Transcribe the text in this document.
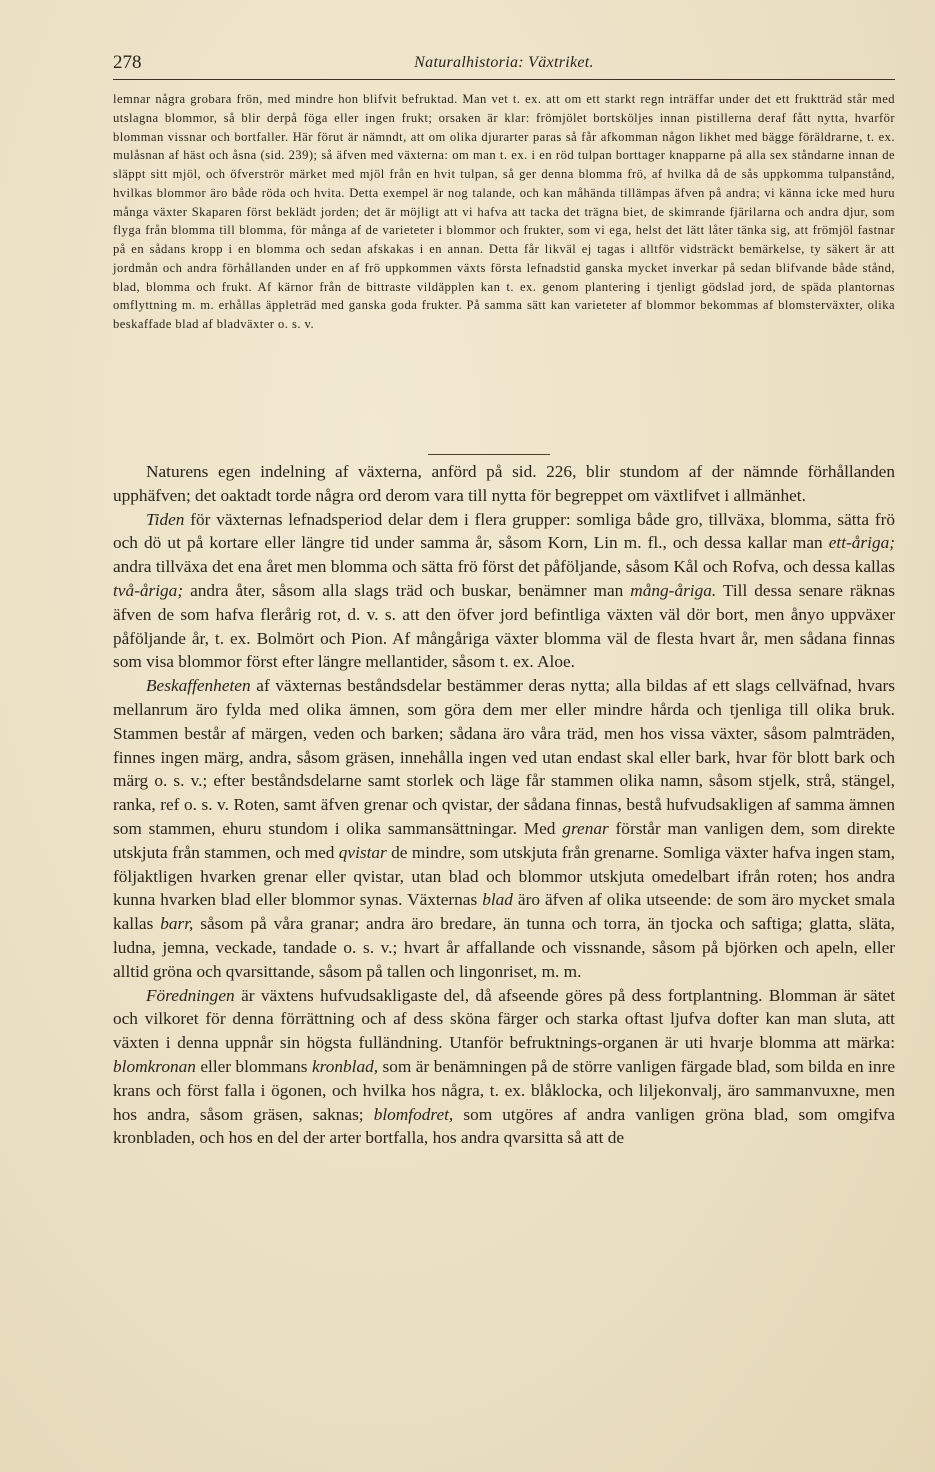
278	Naturalhistoria: Växtriket.

lemnar några grobara frön, med mindre hon blifvit befruktad. Man vet t. ex. att om ett starkt regn inträffar under det ett fruktträd står med utslagna blommor, så blir derpå föga eller ingen frukt; orsaken är klar: frömjölet bortsköljes innan pistillerna deraf fått nytta, hvarför blomman vissnar och bortfaller. Här förut är nämndt, att om olika djurarter paras så får afkomman någon likhet med bägge föräldrarne, t. ex. mulåsnan af häst och åsna (sid. 239); så äfven med växterna: om man t. ex. i en röd tulpan borttager knapparne på alla sex ståndarne innan de släppt sitt mjöl, och öfverströr märket med mjöl från en hvit tulpan, så ger denna blomma frö, af hvilka då de sås uppkomma tulpanstånd, hvilkas blommor äro både röda och hvita. Detta exempel är nog talande, och kan måhända tillämpas äfven på andra; vi känna icke med huru många växter Skaparen först beklädt jorden; det är möjligt att vi hafva att tacka det trägna biet, de skimrande fjärilarna och andra djur, som flyga från blomma till blomma, för många af de varieteter i blommor och frukter, som vi ega, helst det lätt låter tänka sig, att frömjöl fastnar på en sådans kropp i en blomma och sedan afskakas i en annan. Detta får likväl ej tagas i alltför vidsträckt bemärkelse, ty säkert är att jordmån och andra förhållanden under en af frö uppkommen växts första lefnadstid ganska mycket inverkar på sedan blifvande både stånd, blad, blomma och frukt. Af kärnor från de bittraste vildäpplen kan t. ex. genom plantering i tjenligt gödslad jord, de späda plantornas omflyttning m. m. erhållas äppleträd med ganska goda frukter. På samma sätt kan varieteter af blommor bekommas af blomsterväxter, olika beskaffade blad af bladväxter o. s. v.

Naturens egen indelning af växterna, anförd på sid. 226, blir stundom af der nämnde förhållanden upphäfven; det oaktadt torde några ord derom vara till nytta för begreppet om växtlifvet i allmänhet.

Tiden för växternas lefnadsperiod delar dem i flera grupper: somliga både gro, tillväxa, blomma, sätta frö och dö ut på kortare eller längre tid under samma år, såsom Korn, Lin m. fl., och dessa kallar man ett-åriga; andra tillväxa det ena året men blomma och sätta frö först det påföljande, såsom Kål och Rofva, och dessa kallas två-åriga; andra åter, såsom alla slags träd och buskar, benämner man mång-åriga. Till dessa senare räknas äfven de som hafva flerårig rot, d. v. s. att den öfver jord befintliga växten väl dör bort, men ånyo uppväxer påföljande år, t. ex. Bolmört och Pion. Af mångåriga växter blomma väl de flesta hvart år, men sådana finnas som visa blommor först efter längre mellantider, såsom t. ex. Aloe.

Beskaffenheten af växternas beståndsdelar bestämmer deras nytta; alla bildas af ett slags cellväfnad, hvars mellanrum äro fylda med olika ämnen, som göra dem mer eller mindre hårda och tjenliga till olika bruk. Stammen består af märgen, veden och barken; sådana äro våra träd, men hos vissa växter, såsom palmträden, finnes ingen märg, andra, såsom gräsen, innehålla ingen ved utan endast skal eller bark, hvar för blott bark och märg o. s. v.; efter beståndsdelarne samt storlek och läge får stammen olika namn, såsom stjelk, strå, stängel, ranka, ref o. s. v. Roten, samt äfven grenar och qvistar, der sådana finnas, bestå hufvudsakligen af samma ämnen som stammen, ehuru stundom i olika sammansättningar. Med grenar förstår man vanligen dem, som direkte utskjuta från stammen, och med qvistar de mindre, som utskjuta från grenarne. Somliga växter hafva ingen stam, följaktligen hvarken grenar eller qvistar, utan blad och blommor utskjuta omedelbart ifrån roten; hos andra kunna hvarken blad eller blommor synas. Växternas blad äro äfven af olika utseende: de som äro mycket smala kallas barr, såsom på våra granar; andra äro bredare, än tunna och torra, än tjocka och saftiga; glatta, släta, ludna, jemna, veckade, tandade o. s. v.; hvart år affallande och vissnande, såsom på björken och apeln, eller alltid gröna och qvarsittande, såsom på tallen och lingonriset, m. m.

Föredningen är växtens hufvudsakligaste del, då afseende göres på dess fortplantning. Blomman är sätet och vilkoret för denna förrättning och af dess sköna färger och starka oftast ljufva dofter kan man sluta, att växten i denna uppnår sin högsta fulländning. Utanför befruktnings-organen är uti hvarje blomma att märka: blomkronan eller blommans kronblad, som är benämningen på de större vanligen färgade blad, som bilda en inre krans och först falla i ögonen, och hvilka hos några, t. ex. blåklocka, och liljekonvalj, äro sammanvuxne, men hos andra, såsom gräsen, saknas; blomfodret, som utgöres af andra vanligen gröna blad, som omgifva kronbladen, och hos en del der arter bortfalla, hos andra qvarsitta så att de
